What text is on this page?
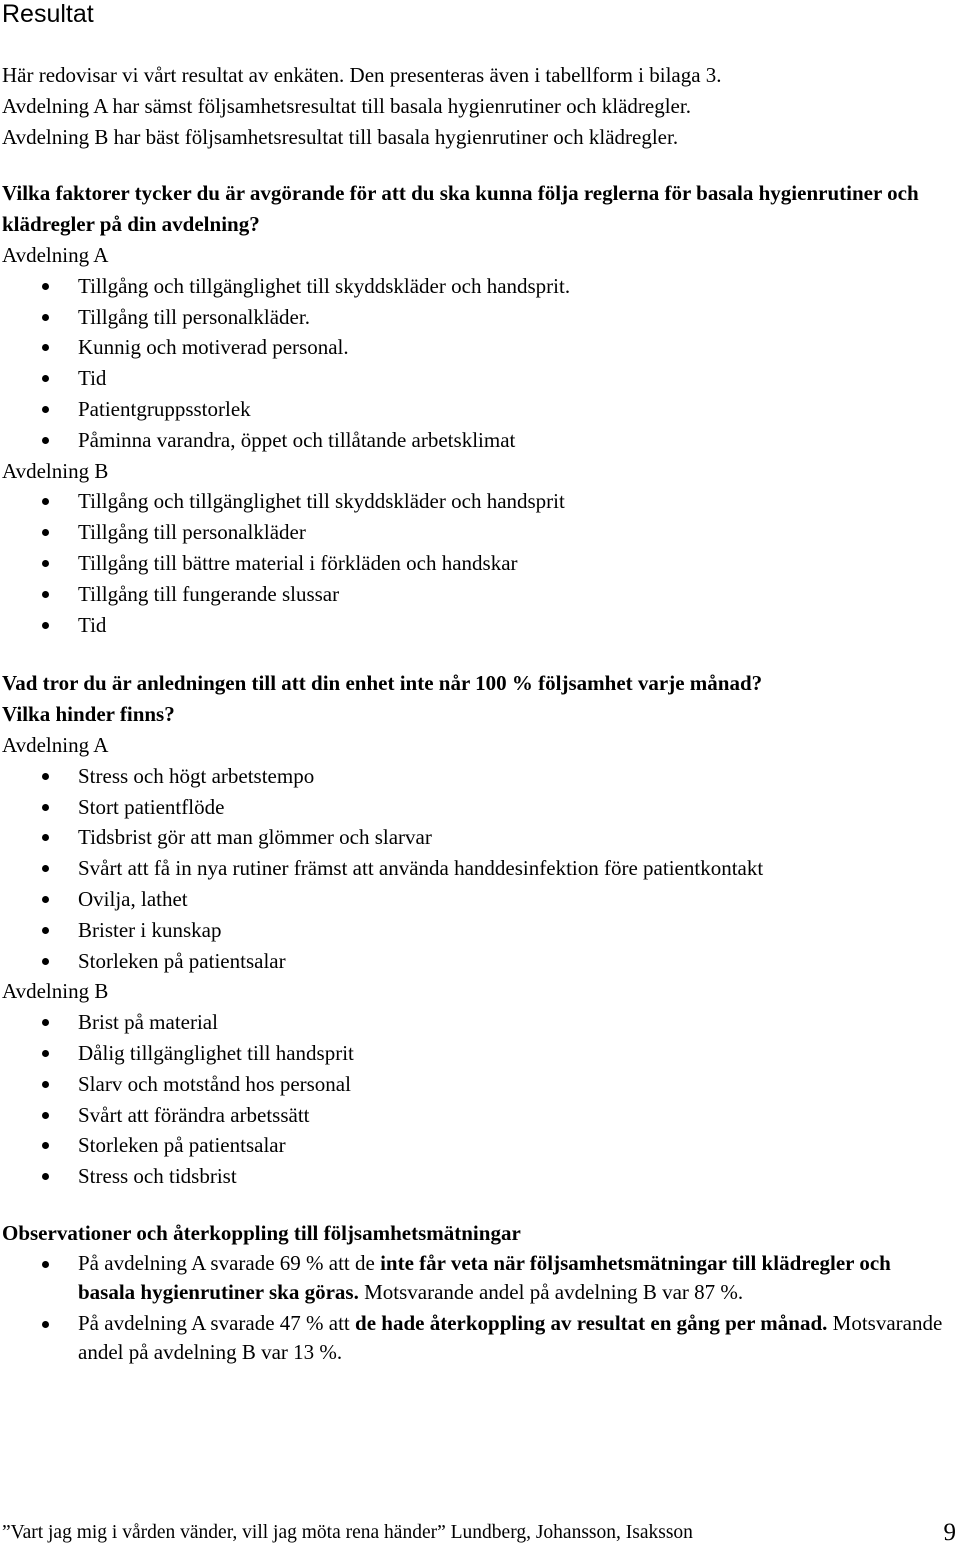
Resultat

Här redovisar vi vårt resultat av enkäten. Den presenteras även i tabellform i bilaga 3.

Avdelning A har sämst följsamhetsresultat till basala hygienrutiner och klädregler.

Avdelning B har bäst följsamhetsresultat till basala hygienrutiner och klädregler.

Vilka faktorer tycker du är avgörande för att du ska kunna följa reglerna för basala hygienrutiner och klädregler på din avdelning?

Avdelning A

Tillgång och tillgänglighet till skyddskläder och handsprit.
Tillgång till personalkläder.
Kunnig och motiverad personal.
Tid
Patientgruppsstorlek
Påminna varandra, öppet och tillåtande arbetsklimat

Avdelning B

Tillgång och tillgänglighet till skyddskläder och handsprit
Tillgång till personalkläder
Tillgång till bättre material i förkläden och handskar
Tillgång till fungerande slussar
Tid

Vad tror du är anledningen till att din enhet inte når 100 % följsamhet varje månad?

Vilka hinder finns?

Avdelning A

Stress och högt arbetstempo
Stort patientflöde
Tidsbrist gör att man glömmer och slarvar
Svårt att få in nya rutiner främst att använda handdesinfektion före patientkontakt
Ovilja, lathet
Brister i kunskap
Storleken på patientsalar

Avdelning B

Brist på material
Dålig tillgänglighet till handsprit
Slarv och motstånd hos personal
Svårt att förändra arbetssätt
Storleken på patientsalar
Stress och tidsbrist

Observationer och återkoppling till följsamhetsmätningar

På avdelning A svarade 69 % att de inte får veta när följsamhetsmätningar till klädregler och basala hygienrutiner ska göras. Motsvarande andel på avdelning B var 87 %.
På avdelning A svarade 47 % att de hade återkoppling av resultat en gång per månad. Motsvarande andel på avdelning B var 13 %.
”Vart jag mig i vården vänder, vill jag möta rena händer” Lundberg, Johansson, Isaksson	9
